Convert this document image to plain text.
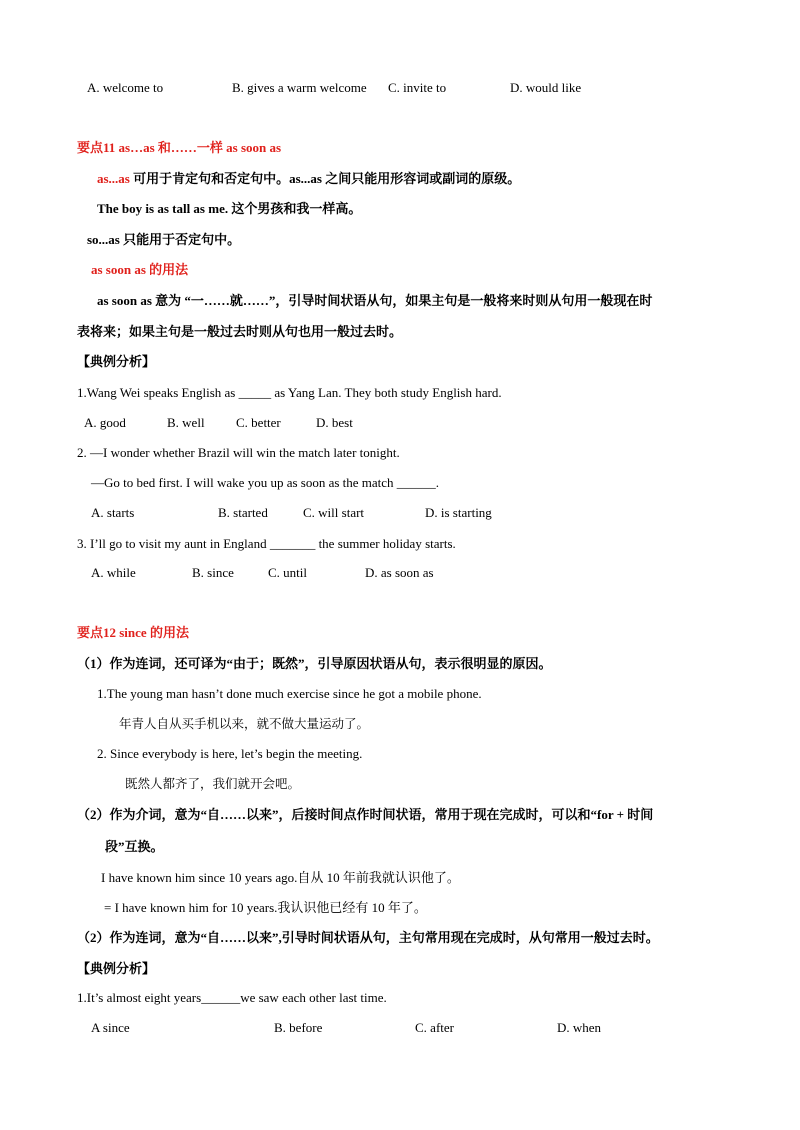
A. welcome to	B. gives a warm welcome C. invite to	D. would like
要点11 as…as 和……一样 as soon as
as...as 可用于肯定句和否定句中。as...as 之间只能用形容词或副词的原级。
The boy is as tall as me. 这个男孩和我一样高。
so...as 只能用于否定句中。
as soon as 的用法
as soon as 意为 “一……就……”，引导时间状语从句，如果主句是一般将来时则从句用一般现在时
表将来；如果主句是一般过去时则从句也用一般过去时。
【典例分析】
1.Wang Wei speaks English as _____ as Yang Lan. They both study English hard.
A. good	B. well C. better	D. best
2. —I wonder whether Brazil will win the match later tonight.
—Go to bed first. I will wake you up as soon as the match ______.
A. starts	B. started	C. will start	D. is starting
3. I’ll go to visit my aunt in England _______ the summer holiday starts.
A. while	B. since	C. until	D. as soon as
要点12 since 的用法
（1）作为连词，还可译为“由于；既然”，引导原因状语从句，表示很明显的原因。
1.The young man hasn’t done much exercise since he got a mobile phone.
年青人自从买手机以来，就不做大量运动了。
2. Since everybody is here, let’s begin the meeting.
既然人都齐了，我们就开会吧。
（2）作为介词，意为“自……以来”，后接时间点作时间状语，常用于现在完成时，可以和“for + 时间
段”互换。
I have known him since 10 years ago.自从 10 年前我就认识他了。
= I have known him for 10 years.我认识他已经有 10 年了。
（2）作为连词，意为“自……以来”,引导时间状语从句，主句常用现在完成时，从句常用一般过去时。
【典例分析】
1.It’s almost eight years______we saw each other last time.
A since	B. before	C. after	D. when
